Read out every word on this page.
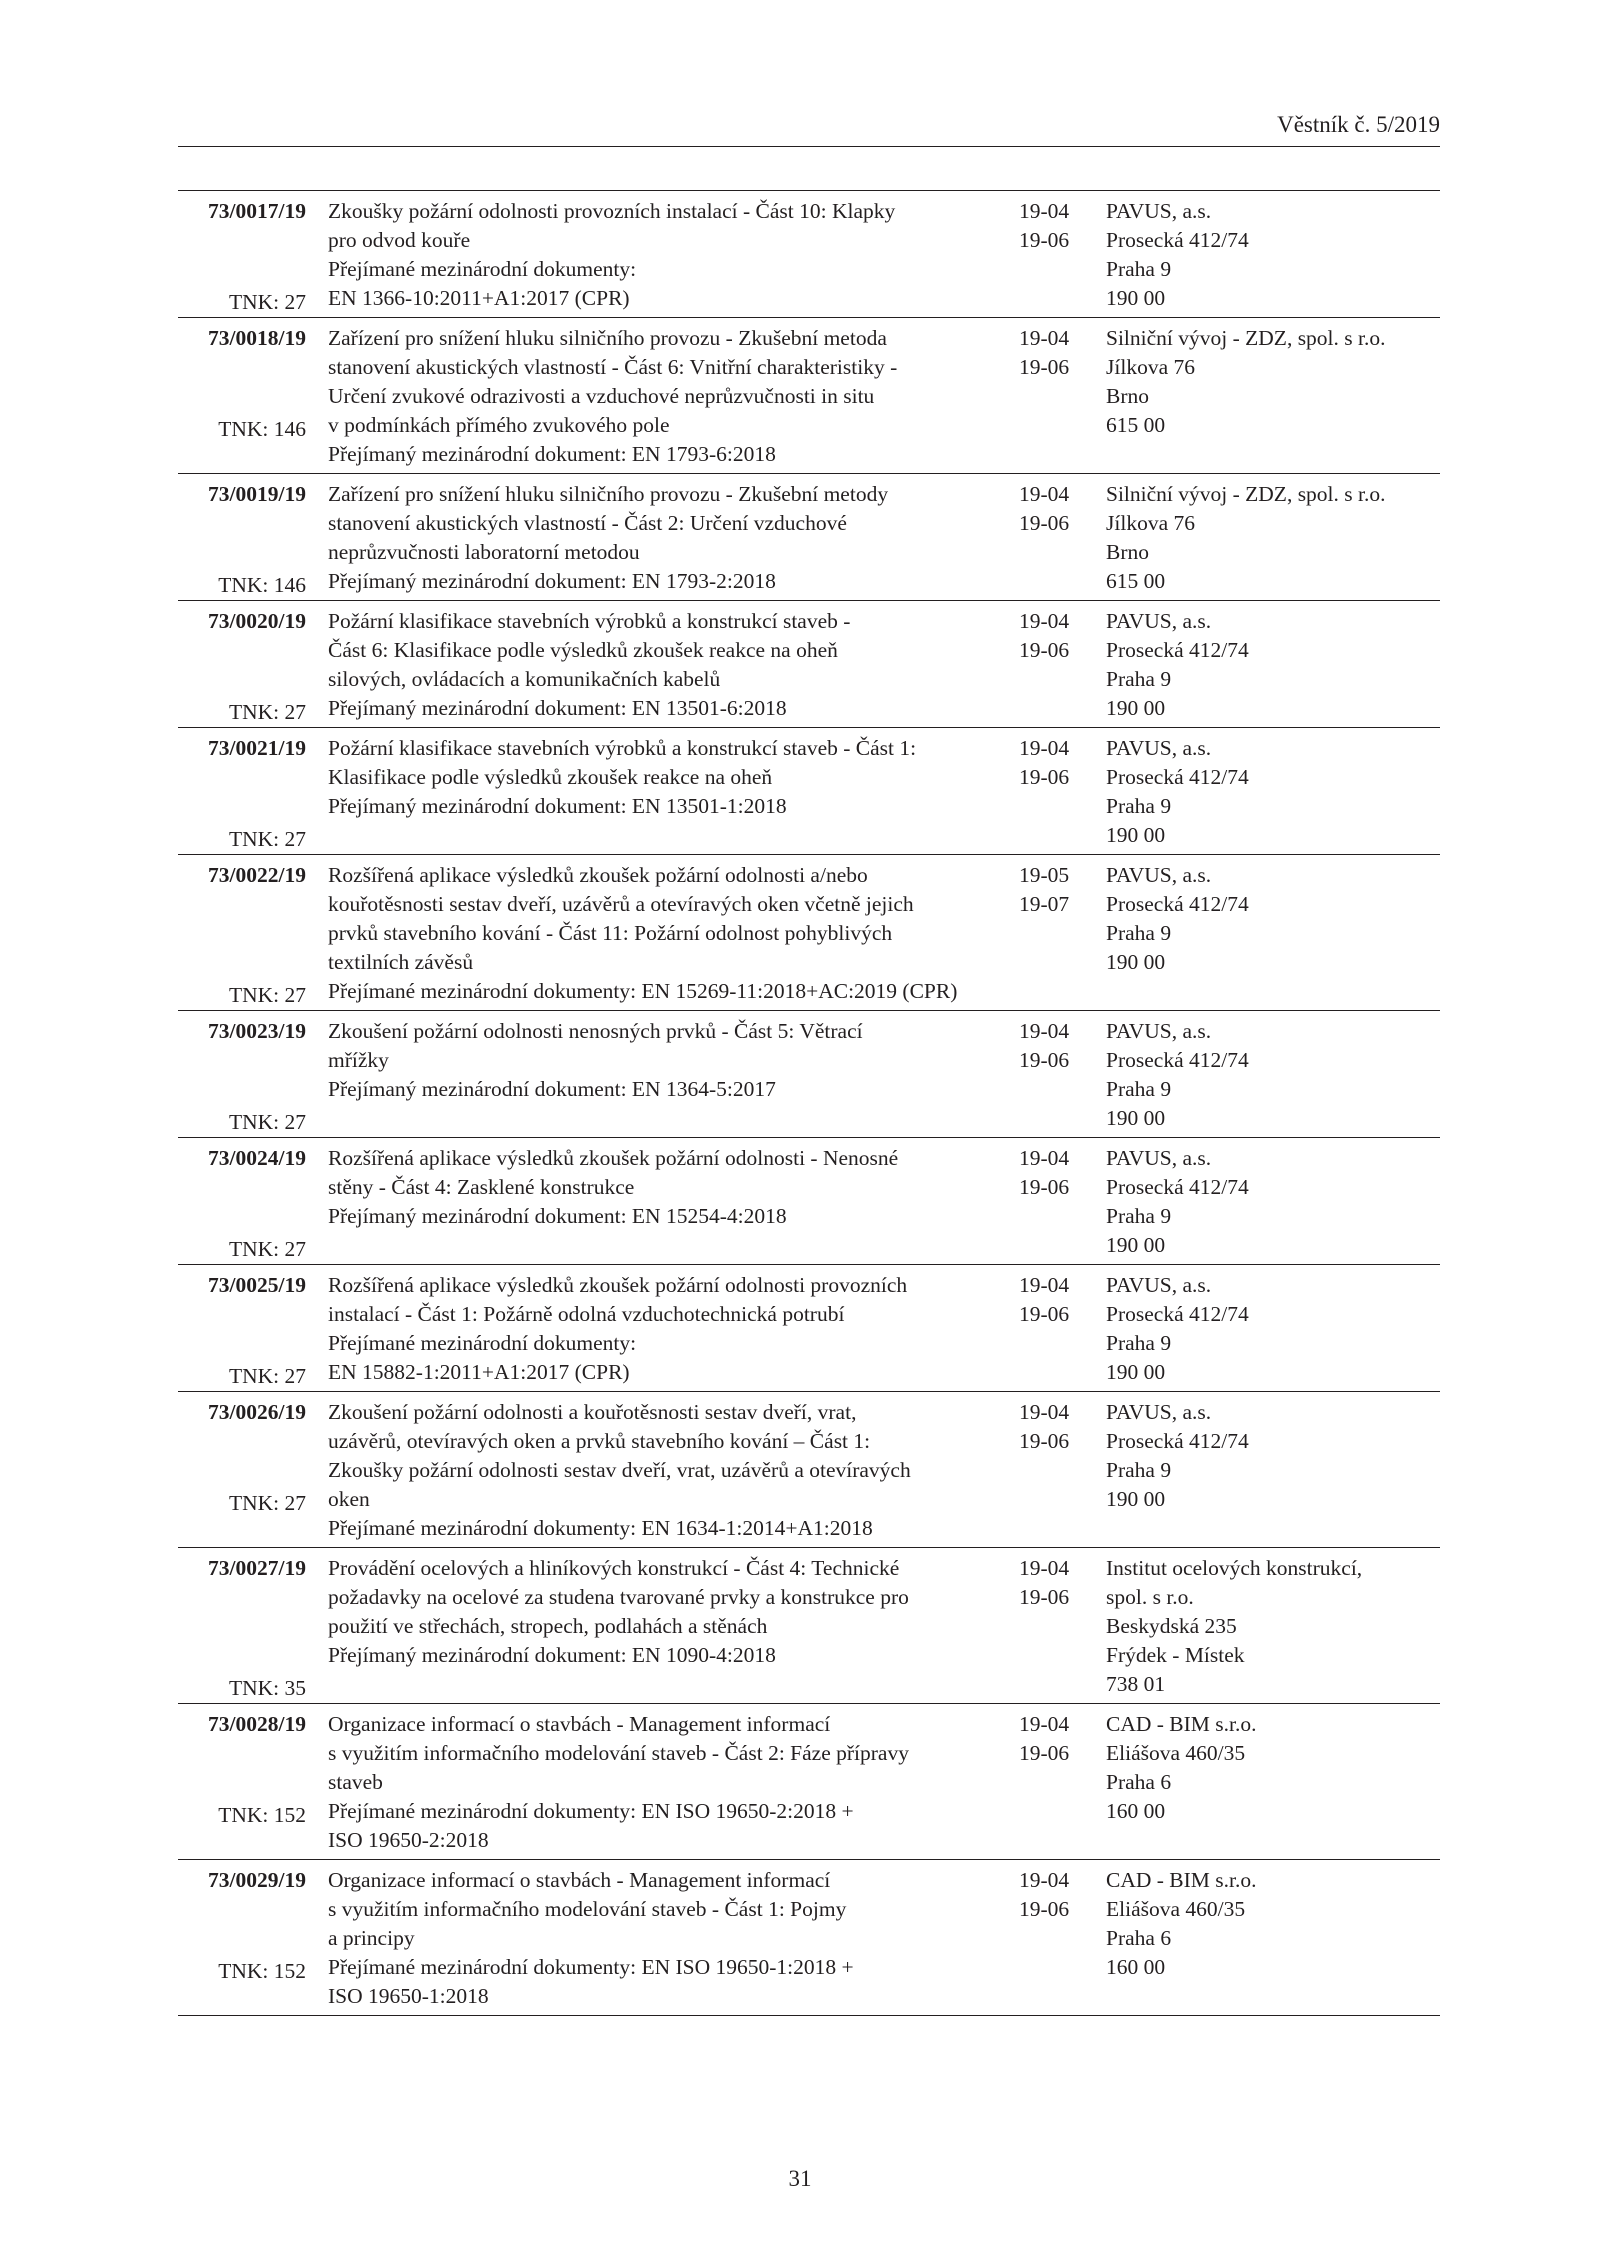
Věstník č. 5/2019
73/0017/19
TNK: 27
Zkoušky požární odolnosti provozních instalací - Část 10: Klapky
pro odvod kouře
Přejímané mezinárodní dokumenty:
EN 1366-10:2011+A1:2017 (CPR)
19-04
19-06
PAVUS, a.s.
Prosecká 412/74
Praha 9
190 00
73/0018/19
TNK: 146
Zařízení pro snížení hluku silničního provozu - Zkušební metoda
stanovení akustických vlastností - Část 6: Vnitřní charakteristiky -
Určení zvukové odrazivosti a vzduchové neprůzvučnosti in situ
v podmínkách přímého zvukového pole
Přejímaný mezinárodní dokument: EN 1793-6:2018
19-04
19-06
Silniční vývoj - ZDZ, spol. s r.o.
Jílkova 76
Brno
615 00
73/0019/19
TNK: 146
Zařízení pro snížení hluku silničního provozu - Zkušební metody
stanovení akustických vlastností - Část 2: Určení vzduchové
neprůzvučnosti laboratorní metodou
Přejímaný mezinárodní dokument: EN 1793-2:2018
19-04
19-06
Silniční vývoj - ZDZ, spol. s r.o.
Jílkova 76
Brno
615 00
73/0020/19
TNK: 27
Požární klasifikace stavebních výrobků a konstrukcí staveb -
Část 6: Klasifikace podle výsledků zkoušek reakce na oheň
silových, ovládacích a komunikačních kabelů
Přejímaný mezinárodní dokument: EN 13501-6:2018
19-04
19-06
PAVUS, a.s.
Prosecká 412/74
Praha 9
190 00
73/0021/19
TNK: 27
Požární klasifikace stavebních výrobků a konstrukcí staveb - Část 1:
Klasifikace podle výsledků zkoušek reakce na oheň
Přejímaný mezinárodní dokument: EN 13501-1:2018

19-04
19-06
PAVUS, a.s.
Prosecká 412/74
Praha 9
190 00
73/0022/19
TNK: 27
Rozšířená aplikace výsledků zkoušek požární odolnosti a/nebo
kouřotěsnosti sestav dveří, uzávěrů a otevíravých oken včetně jejich
prvků stavebního kování - Část 11: Požární odolnost pohyblivých
textilních závěsů
Přejímané mezinárodní dokumenty: EN 15269-11:2018+AC:2019 (CPR)
19-05
19-07
PAVUS, a.s.
Prosecká 412/74
Praha 9
190 00
73/0023/19
TNK: 27
Zkoušení požární odolnosti nenosných prvků - Část 5: Větrací
mřížky
Přejímaný mezinárodní dokument: EN 1364-5:2017

19-04
19-06
PAVUS, a.s.
Prosecká 412/74
Praha 9
190 00
73/0024/19
TNK: 27
Rozšířená aplikace výsledků zkoušek požární odolnosti - Nenosné
stěny - Část 4: Zasklené konstrukce
Přejímaný mezinárodní dokument: EN 15254-4:2018

19-04
19-06
PAVUS, a.s.
Prosecká 412/74
Praha 9
190 00
73/0025/19
TNK: 27
Rozšířená aplikace výsledků zkoušek požární odolnosti provozních
instalací - Část 1: Požárně odolná vzduchotechnická potrubí
Přejímané mezinárodní dokumenty:
EN 15882-1:2011+A1:2017 (CPR)
19-04
19-06
PAVUS, a.s.
Prosecká 412/74
Praha 9
190 00
73/0026/19
TNK: 27
Zkoušení požární odolnosti a kouřotěsnosti sestav dveří, vrat,
uzávěrů, otevíravých oken a prvků stavebního kování – Část 1:
Zkoušky požární odolnosti sestav dveří, vrat, uzávěrů a otevíravých
oken
Přejímané mezinárodní dokumenty: EN 1634-1:2014+A1:2018
19-04
19-06
PAVUS, a.s.
Prosecká 412/74
Praha 9
190 00
73/0027/19
TNK: 35
Provádění ocelových a hliníkových konstrukcí - Část 4: Technické
požadavky na ocelové za studena tvarované prvky a konstrukce pro
použití ve střechách, stropech, podlahách a stěnách
Přejímaný mezinárodní dokument: EN 1090-4:2018
19-04
19-06
Institut ocelových konstrukcí,
spol. s r.o.
Beskydská 235
Frýdek - Místek
738 01
73/0028/19
TNK: 152
Organizace informací o stavbách - Management informací
s využitím informačního modelování staveb - Část 2: Fáze přípravy
staveb
Přejímané mezinárodní dokumenty: EN ISO 19650-2:2018 +
ISO 19650-2:2018
19-04
19-06
CAD - BIM s.r.o.
Eliášova 460/35
Praha 6
160 00
73/0029/19
TNK: 152
Organizace informací o stavbách - Management informací
s využitím informačního modelování staveb - Část 1: Pojmy
a principy
Přejímané mezinárodní dokumenty: EN ISO 19650-1:2018 +
ISO 19650-1:2018
19-04
19-06
CAD - BIM s.r.o.
Eliášova 460/35
Praha 6
160 00
31
